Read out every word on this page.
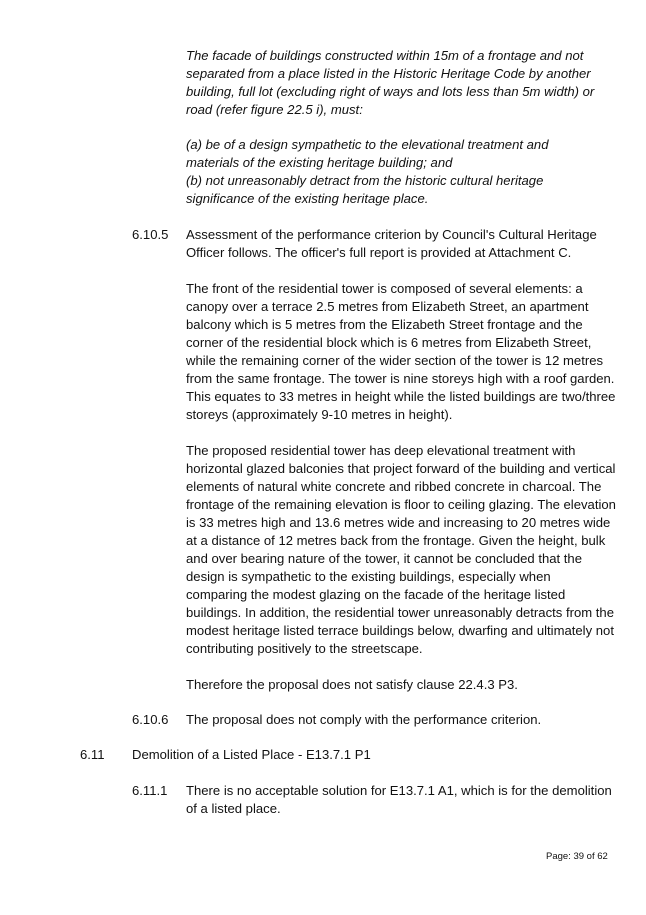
The facade of buildings constructed within 15m of a frontage and not
separated from a place listed in the Historic Heritage Code by another
building, full lot (excluding right of ways and lots less than 5m width) or
road (refer figure 22.5 i), must:
(a) be of a design sympathetic to the elevational treatment and
materials of the existing heritage building; and
(b) not unreasonably detract from the historic cultural heritage
significance of the existing heritage place.
6.10.5 Assessment of the performance criterion by Council's Cultural Heritage
Officer follows. The officer's full report is provided at Attachment C.
The front of the residential tower is composed of several elements: a
canopy over a terrace 2.5 metres from Elizabeth Street, an apartment
balcony which is 5 metres from the Elizabeth Street frontage and the
corner of the residential block which is 6 metres from Elizabeth Street,
while the remaining corner of the wider section of the tower is 12 metres
from the same frontage. The tower is nine storeys high with a roof garden.
This equates to 33 metres in height while the listed buildings are two/three
storeys (approximately 9-10 metres in height).
The proposed residential tower has deep elevational treatment with
horizontal glazed balconies that project forward of the building and vertical
elements of natural white concrete and ribbed concrete in charcoal. The
frontage of the remaining elevation is floor to ceiling glazing. The elevation
is 33 metres high and 13.6 metres wide and increasing to 20 metres wide
at a distance of 12 metres back from the frontage. Given the height, bulk
and over bearing nature of the tower, it cannot be concluded that the
design is sympathetic to the existing buildings, especially when
comparing the modest glazing on the facade of the heritage listed
buildings. In addition, the residential tower unreasonably detracts from the
modest heritage listed terrace buildings below, dwarfing and ultimately not
contributing positively to the streetscape.
Therefore the proposal does not satisfy clause 22.4.3 P3.
6.10.6 The proposal does not comply with the performance criterion.
6.11 Demolition of a Listed Place - E13.7.1 P1
6.11.1 There is no acceptable solution for E13.7.1 A1, which is for the demolition
of a listed place.
Page: 39 of 62
